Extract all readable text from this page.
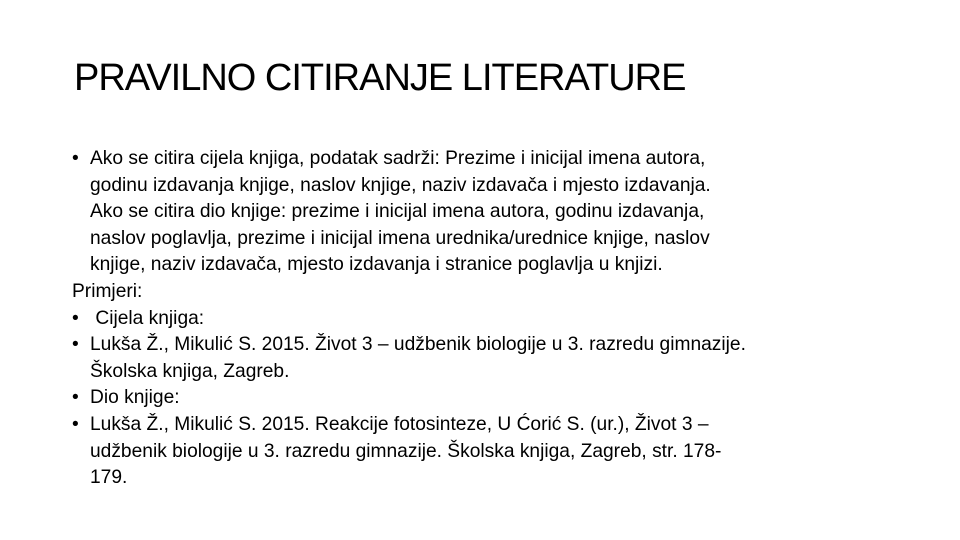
PRAVILNO CITIRANJE LITERATURE
• Ako se citira cijela knjiga, podatak sadrži: Prezime i inicijal imena autora,
godinu izdavanja knjige, naslov knjige, naziv izdavača i mjesto izdavanja.
Ako se citira dio knjige: prezime i inicijal imena autora, godinu izdavanja,
naslov poglavlja, prezime i inicijal imena urednika/urednice knjige, naslov
knjige, naziv izdavača, mjesto izdavanja i stranice poglavlja u knjizi.
Primjeri:
• Cijela knjiga:
• Lukša Ž., Mikulić S. 2015. Život 3 – udžbenik biologije u 3. razredu gimnazije.
Školska knjiga, Zagreb.
• Dio knjige:
• Lukša Ž., Mikulić S. 2015. Reakcije fotosinteze, U Ćorić S. (ur.), Život 3 –
udžbenik biologije u 3. razredu gimnazije. Školska knjiga, Zagreb, str. 178-
179.
